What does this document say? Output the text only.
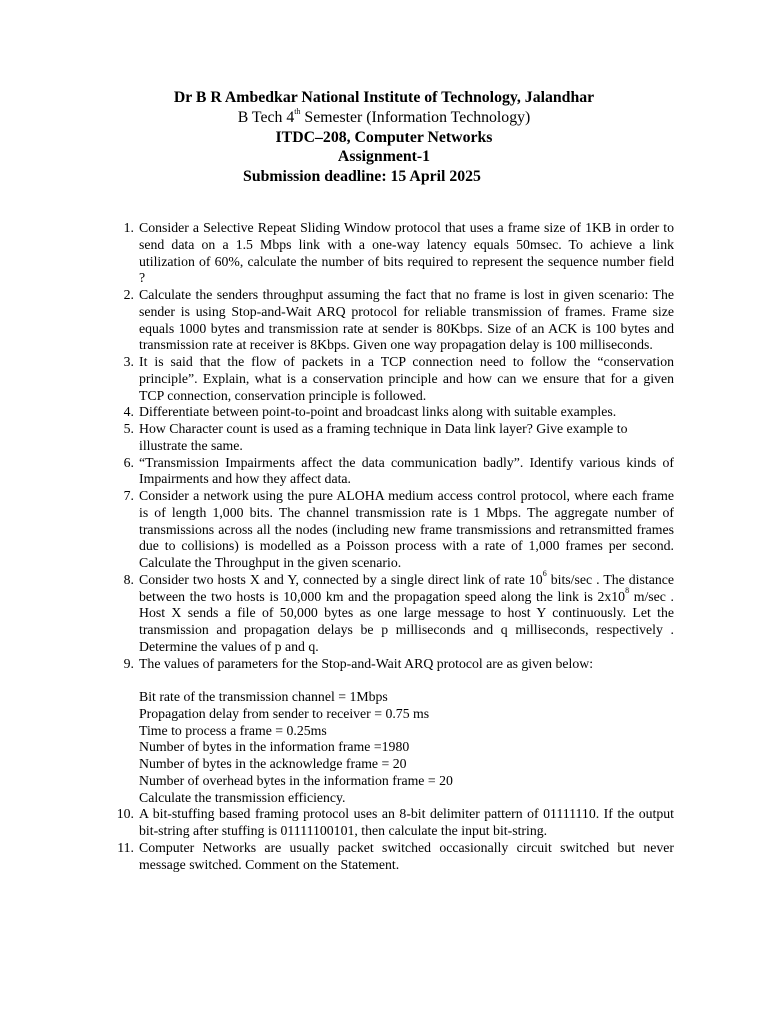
Dr B R Ambedkar National Institute of Technology, Jalandhar
B Tech 4th Semester (Information Technology)
ITDC–208, Computer Networks
Assignment-1
Submission deadline: 15 April 2025
1. Consider a Selective Repeat Sliding Window protocol that uses a frame size of 1KB in order to send data on a 1.5 Mbps link with a one-way latency equals 50msec. To achieve a link utilization of 60%, calculate the number of bits required to represent the sequence number field ?
2. Calculate the senders throughput assuming the fact that no frame is lost in given scenario: The sender is using Stop-and-Wait ARQ protocol for reliable transmission of frames. Frame size equals 1000 bytes and transmission rate at sender is 80Kbps. Size of an ACK is 100 bytes and transmission rate at receiver is 8Kbps. Given one way propagation delay is 100 milliseconds.
3. It is said that the flow of packets in a TCP connection need to follow the “conservation
principle”. Explain, what is a conservation principle and how can we ensure that for a given TCP connection, conservation principle is followed.
4. Differentiate between point-to-point and broadcast links along with suitable examples.
5. How Character count is used as a framing technique in Data link layer? Give example to illustrate the same.
6. “Transmission Impairments affect the data communication badly”. Identify various kinds of Impairments and how they affect data.
7. Consider a network using the pure ALOHA medium access control protocol, where each frame is of length 1,000 bits. The channel transmission rate is 1 Mbps. The aggregate number of transmissions across all the nodes (including new frame transmissions and retransmitted frames due to collisions) is modelled as a Poisson process with a rate of 1,000 frames per second. Calculate the Throughput in the given scenario.
8. Consider two hosts X and Y, connected by a single direct link of rate $10^6$ bits/sec . The distance between the two hosts is 10,000 km and the propagation speed along the link is $2x10^8$ m/sec . Host X sends a file of 50,000 bytes as one large message to host Y continuously. Let the transmission and propagation delays be p milliseconds and q milliseconds, respectively . Determine the values of p and q.
9. The values of parameters for the Stop-and-Wait ARQ protocol are as given below:
Bit rate of the transmission channel = 1Mbps
Propagation delay from sender to receiver = 0.75 ms
Time to process a frame = 0.25ms
Number of bytes in the information frame =1980
Number of bytes in the acknowledge frame = 20
Number of overhead bytes in the information frame = 20
Calculate the transmission efficiency.
10. A bit-stuffing based framing protocol uses an 8-bit delimiter pattern of 01111110. If the output bit-string after stuffing is 01111100101, then calculate the input bit-string.
11. Computer Networks are usually packet switched occasionally circuit switched but never message switched. Comment on the Statement.
